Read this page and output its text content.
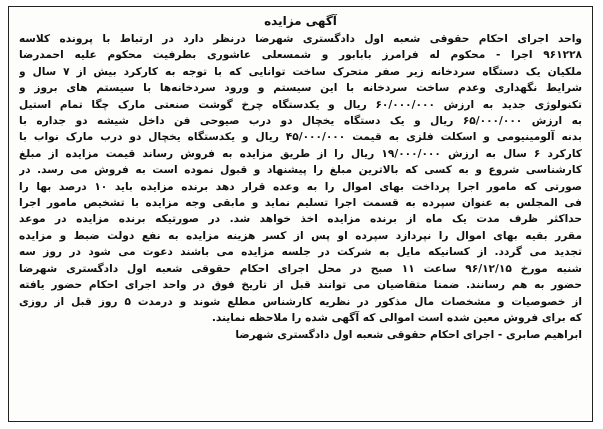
آگهی مزایده
واحد اجرای احکام حقوقی شعبه اول دادگستری شهرضا درنظر دارد در ارتباط با پرونده کلاسه
۹۶۱۲۲۸ اجرا - محکوم له فرامرز بابابور و شمسعلی عاشوری بطرفیت محکوم علیه احمدرضا
ملکیان یک دستگاه سردخانه زیر صفر متحرک ساخت توانایی که با توجه به کارکرد بیش از ۷ سال و
شرایط نگهداری وعدم ساخت سردخانه با این سیستم و ورود سردخانه‌ها با سیستم های بروز و
تکنولوژی جدید به ارزش ۶۰/۰۰۰/۰۰۰ ریال و یکدستگاه چرخ گوشت صنعتی مارک چگا تمام استیل
به ارزش ۶۵/۰۰۰/۰۰۰ ریال و یک دستگاه یخچال دو درب صیوحی فن داخل شیشه دو جداره با
بدنه آلومینیومی و اسکلت فلزی به قیمت ۴۵/۰۰۰/۰۰۰ ریال و یکدستگاه یخچال دو درب مارک نواب با
کارکرد ۶ سال به ارزش ۱۹/۰۰۰/۰۰۰ ریال را از طریق مزایده به فروش رساند قیمت مزایده از مبلغ
کارشناسی شروع و به کسی که بالاترین مبلغ را پیشنهاد و قبول نموده است به فروش می رسد. در
صورتی که مامور اجرا پرداخت بهای اموال را به وعده قرار دهد برنده مزایده باید ۱۰ درصد بها را
فی المجلس به عنوان سپرده به قسمت اجرا تسلیم نماید و مابقی وجه مزایده با تشخیص مامور اجرا
حداکثر ظرف مدت یک ماه از برنده مزایده اخذ خواهد شد. در صورتیکه برنده مزایده در موعد
مقرر بقیه بهای اموال را نپردازد سپرده او پس از کسر هزینه مزایده به نفع دولت ضبط و مزایده
تجدید می گردد. از کسانیکه مایل به شرکت در جلسه مزایده می باشند دعوت می شود در روز سه
شنبه مورخ ۹۶/۱۲/۱۵ ساعت ۱۱ صبح در محل اجرای احکام حقوقی شعبه اول دادگستری شهرضا
حضور به هم رسانند. ضمنا متقاضیان می توانند قبل از تاریخ فوق در واحد اجرای احکام حضور یافته
از خصوصیات و مشخصات مال مذکور در نظریه کارشناس مطلع شوند و درمدت ۵ روز قبل از روزی
که برای فروش معین شده است اموالی که آگهی شده را ملاحظه نمایند.
ابراهیم صابری - اجرای احکام حقوقی شعبه اول دادگستری شهرضا
